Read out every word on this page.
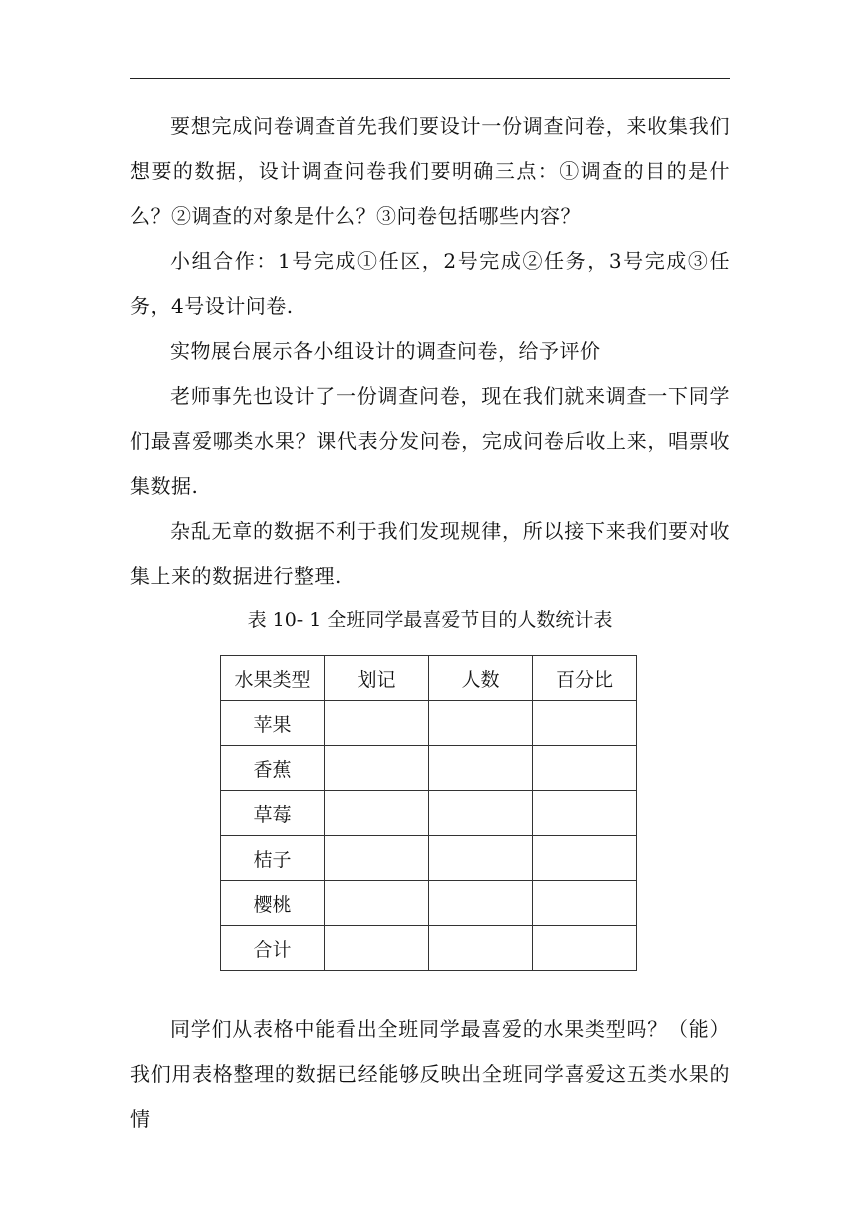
要想完成问卷调查首先我们要设计一份调查问卷，来收集我们想要的数据，设计调查问卷我们要明确三点：①调查的目的是什么？②调查的对象是什么？③问卷包括哪些内容？

小组合作：1号完成①任区，2号完成②任务，3号完成③任务，4号设计问卷.

实物展台展示各小组设计的调查问卷，给予评价

老师事先也设计了一份调查问卷，现在我们就来调查一下同学们最喜爱哪类水果？课代表分发问卷，完成问卷后收上来，唱票收集数据.

杂乱无章的数据不利于我们发现规律，所以接下来我们要对收集上来的数据进行整理.

表 10- 1 全班同学最喜爱节目的人数统计表

水果类型	划记	人数	百分比
苹果			
香蕉			
草莓			
桔子			
樱桃			
合计			

同学们从表格中能看出全班同学最喜爱的水果类型吗？（能）我们用表格整理的数据已经能够反映出全班同学喜爱这五类水果的情
